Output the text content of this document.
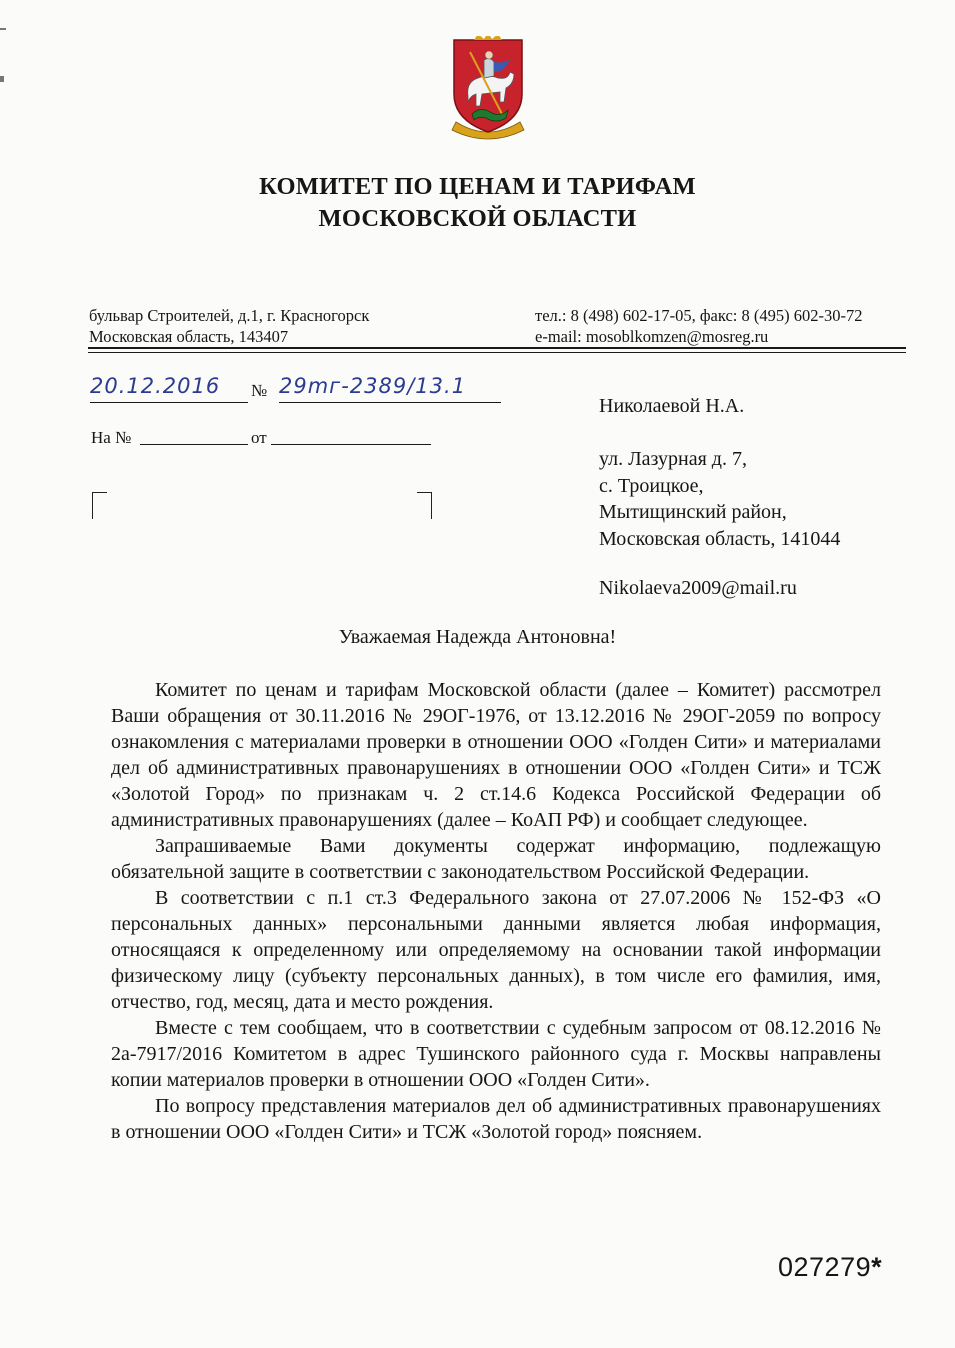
КОМИТЕТ ПО ЦЕНАМ И ТАРИФАМ
МОСКОВСКОЙ ОБЛАСТИ
бульвар Строителей, д.1, г. Красногорск
Московская область, 143407
тел.: 8 (498) 602-17-05, факс: 8 (495) 602-30-72
e-mail: mosoblkomzen@mosreg.ru
20.12.2016	№ 29mг-2389/13.1
На №	от
Николаевой Н.А.
ул. Лазурная д. 7,
с. Троицкое,
Мытищинский район,
Московская область, 141044
Nikolaeva2009@mail.ru
Уважаемая Надежда Антоновна!

Комитет по ценам и тарифам Московской области (далее – Комитет) рассмотрел Ваши обращения от 30.11.2016 № 29ОГ-1976, от 13.12.2016 № 29ОГ-2059 по вопросу ознакомления с материалами проверки в отношении ООО «Голден Сити» и материалами дел об административных правонарушениях в отношении ООО «Голден Сити» и ТСЖ «Золотой Город» по признакам ч. 2 ст.14.6 Кодекса Российской Федерации об административных правонарушениях (далее – КоАП РФ) и сообщает следующее.

Запрашиваемые Вами документы содержат информацию, подлежащую обязательной защите в соответствии с законодательством Российской Федерации.

В соответствии с п.1 ст.3 Федерального закона от 27.07.2006 № 152-ФЗ «О персональных данных» персональными данными является любая информация, относящаяся к определенному или определяемому на основании такой информации физическому лицу (субъекту персональных данных), в том числе его фамилия, имя, отчество, год, месяц, дата и место рождения.

Вместе с тем сообщаем, что в соответствии с судебным запросом от 08.12.2016 № 2а-7917/2016 Комитетом в адрес Тушинского районного суда г. Москвы направлены копии материалов проверки в отношении ООО «Голден Сити».

По вопросу представления материалов дел об административных правонарушениях в отношении ООО «Голден Сити» и ТСЖ «Золотой город» поясняем.

027279*
